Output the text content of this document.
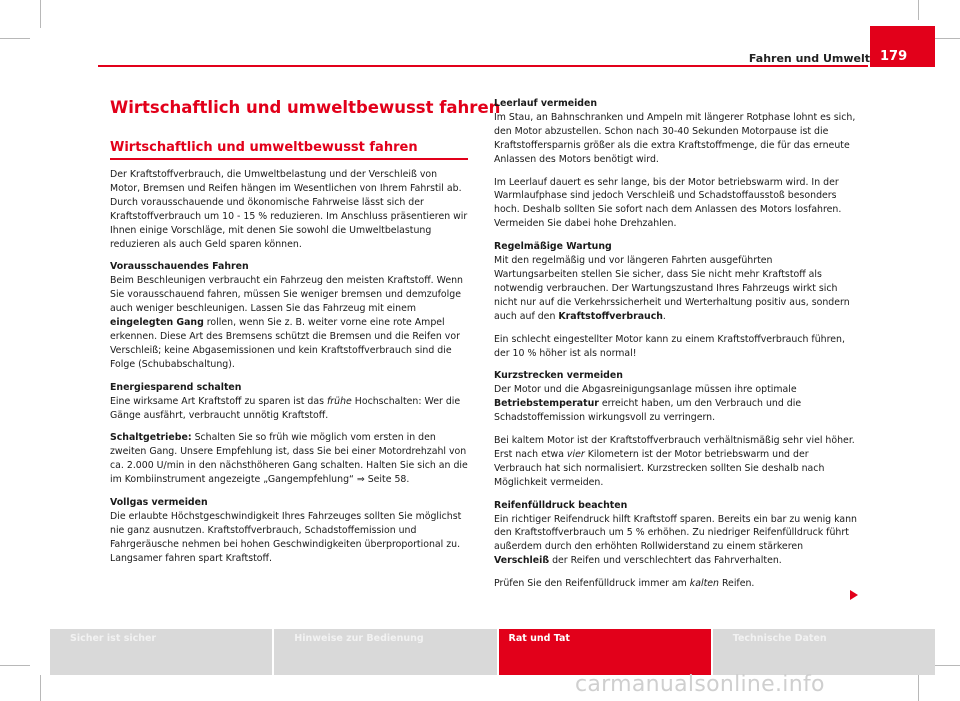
Fahren und Umwelt 179
Wirtschaftlich und umweltbewusst fahren
Wirtschaftlich und umweltbewusst fahren

Der Kraftstoffverbrauch, die Umweltbelastung und der Verschleiß von Motor, Bremsen und Reifen hängen im Wesentlichen von Ihrem Fahrstil ab. Durch vorausschauende und ökonomische Fahrweise lässt sich der Kraftstoffverbrauch um 10 - 15 % reduzieren. Im Anschluss präsentieren wir Ihnen einige Vorschläge, mit denen Sie sowohl die Umweltbelastung reduzieren als auch Geld sparen können.

Vorausschauendes Fahren

Beim Beschleunigen verbraucht ein Fahrzeug den meisten Kraftstoff. Wenn Sie vorausschauend fahren, müssen Sie weniger bremsen und demzufolge auch weniger beschleunigen. Lassen Sie das Fahrzeug mit einem eingelegten Gang rollen, wenn Sie z. B. weiter vorne eine rote Ampel erkennen. Diese Art des Bremsens schützt die Bremsen und die Reifen vor Verschleiß; keine Abgasemissionen und kein Kraftstoffverbrauch sind die Folge (Schubabschaltung).

Energiesparend schalten

Eine wirksame Art Kraftstoff zu sparen ist das frühe Hochschalten: Wer die Gänge ausfährt, verbraucht unnötig Kraftstoff.

Schaltgetriebe: Schalten Sie so früh wie möglich vom ersten in den zweiten Gang. Unsere Empfehlung ist, dass Sie bei einer Motordrehzahl von ca. 2.000 U/min in den nächsthöheren Gang schalten. Halten Sie sich an die im Kombiinstrument angezeigte „Gangempfehlung“ ⇒ Seite 58.

Vollgas vermeiden

Die erlaubte Höchstgeschwindigkeit Ihres Fahrzeuges sollten Sie möglichst nie ganz ausnutzen. Kraftstoffverbrauch, Schadstoffemission und Fahrgeräusche nehmen bei hohen Geschwindigkeiten überproportional zu. Langsamer fahren spart Kraftstoff.

Leerlauf vermeiden

Im Stau, an Bahnschranken und Ampeln mit längerer Rotphase lohnt es sich, den Motor abzustellen. Schon nach 30-40 Sekunden Motorpause ist die Kraftstoffersparnis größer als die extra Kraftstoffmenge, die für das erneute Anlassen des Motors benötigt wird.

Im Leerlauf dauert es sehr lange, bis der Motor betriebswarm wird. In der Warmlaufphase sind jedoch Verschleiß und Schadstoffausstoß besonders hoch. Deshalb sollten Sie sofort nach dem Anlassen des Motors losfahren. Vermeiden Sie dabei hohe Drehzahlen.

Regelmäßige Wartung

Mit den regelmäßig und vor längeren Fahrten ausgeführten Wartungsarbeiten stellen Sie sicher, dass Sie nicht mehr Kraftstoff als notwendig verbrauchen. Der Wartungszustand Ihres Fahrzeugs wirkt sich nicht nur auf die Verkehrssicherheit und Werterhaltung positiv aus, sondern auch auf den Kraftstoffverbrauch.

Ein schlecht eingestellter Motor kann zu einem Kraftstoffverbrauch führen, der 10 % höher ist als normal!

Kurzstrecken vermeiden

Der Motor und die Abgasreinigungsanlage müssen ihre optimale Betriebstemperatur erreicht haben, um den Verbrauch und die Schadstoffemission wirkungsvoll zu verringern.

Bei kaltem Motor ist der Kraftstoffverbrauch verhältnismäßig sehr viel höher. Erst nach etwa vier Kilometern ist der Motor betriebswarm und der Verbrauch hat sich normalisiert. Kurzstrecken sollten Sie deshalb nach Möglichkeit vermeiden.

Reifenfülldruck beachten

Ein richtiger Reifendruck hilft Kraftstoff sparen. Bereits ein bar zu wenig kann den Kraftstoffverbrauch um 5 % erhöhen. Zu niedriger Reifenfülldruck führt außerdem durch den erhöhten Rollwiderstand zu einem stärkeren Verschleiß der Reifen und verschlechtert das Fahrverhalten.

Prüfen Sie den Reifenfülldruck immer am kalten Reifen.

Sicher ist sicher	Hinweise zur Bedienung	Rat und Tat	Technische Daten
carmanualsonline.info
